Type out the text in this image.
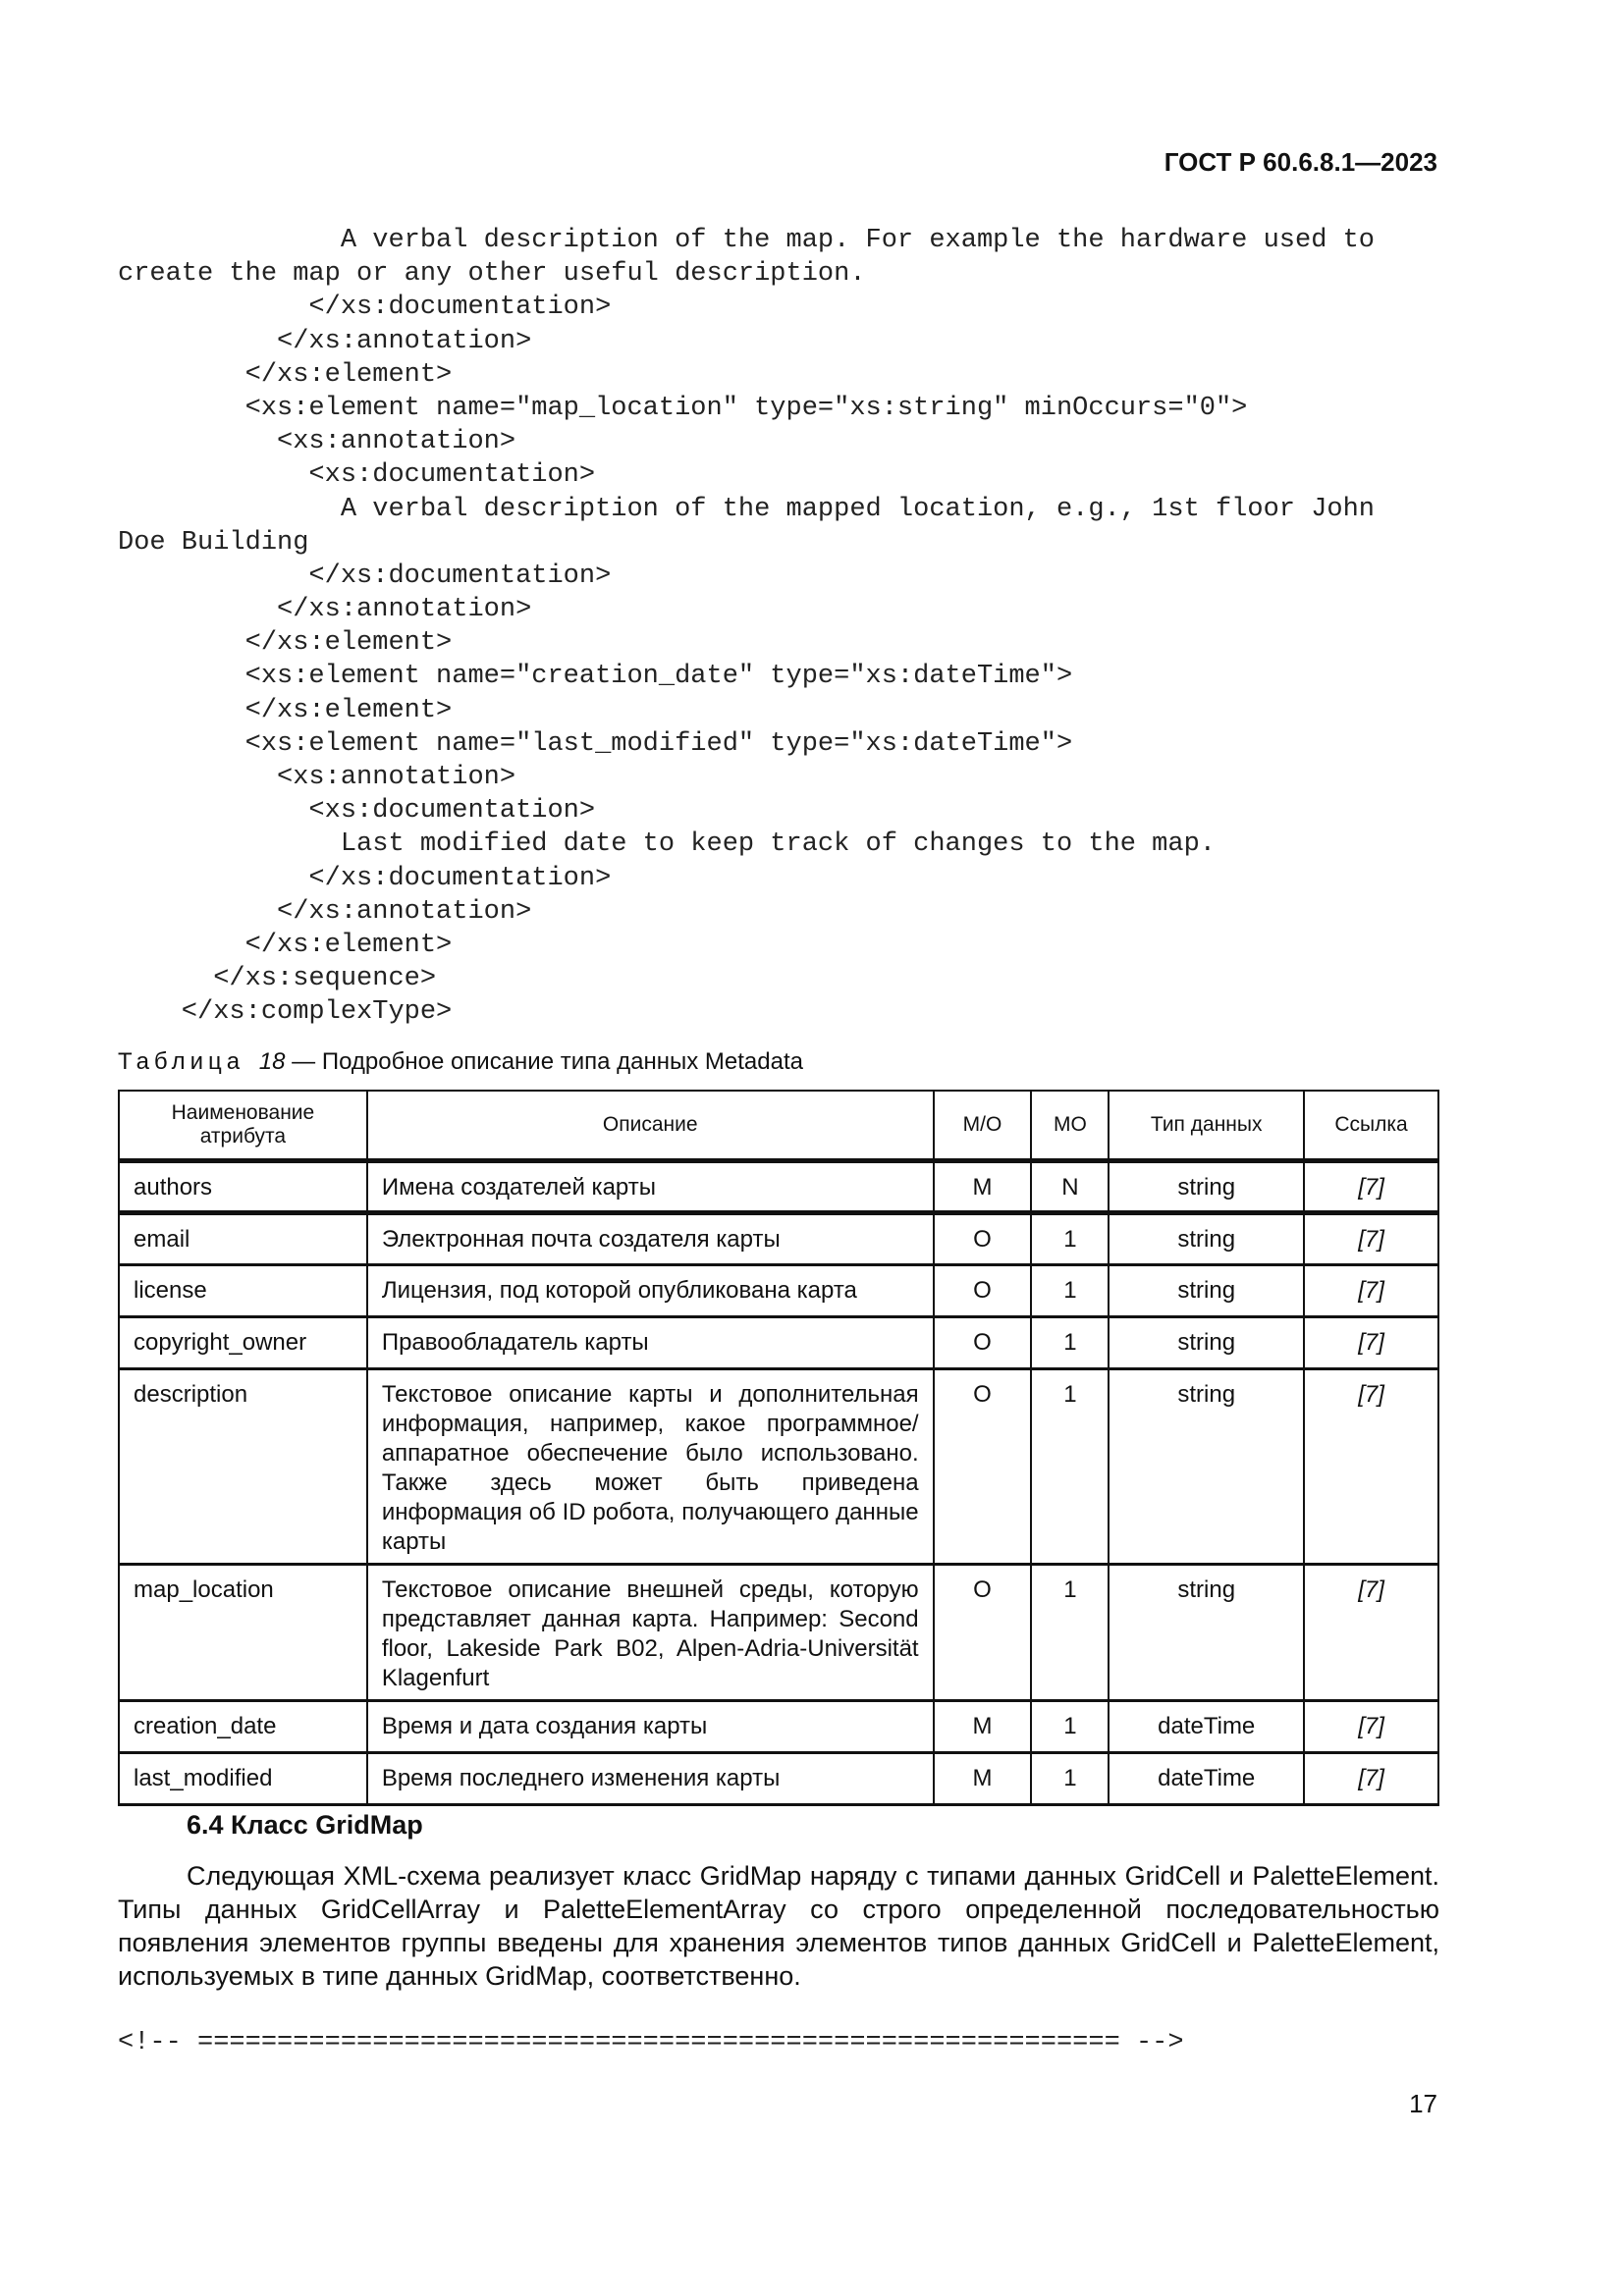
ГОСТ Р 60.6.8.1—2023
A verbal description of the map. For example the hardware used to
create the map or any other useful description.
</xs:documentation>
</xs:annotation>
</xs:element>
<xs:element name="map_location" type="xs:string" minOccurs="0">
<xs:annotation>
<xs:documentation>
A verbal description of the mapped location, e.g., 1st floor John
Doe Building
</xs:documentation>
</xs:annotation>
</xs:element>
<xs:element name="creation_date" type="xs:dateTime">
</xs:element>
<xs:element name="last_modified" type="xs:dateTime">
<xs:annotation>
<xs:documentation>
Last modified date to keep track of changes to the map.
</xs:documentation>
</xs:annotation>
</xs:element>
</xs:sequence>
</xs:complexType>
Таблица 18 — Подробное описание типа данных Metadata
Наименование атрибута	Описание	М/О	МО	Тип данных	Ссылка
authors	Имена создателей карты	M	N	string	[7]
email	Электронная почта создателя карты	O	1	string	[7]
license	Лицензия, под которой опубликована карта	O	1	string	[7]
copyright_owner	Правообладатель карты	O	1	string	[7]
description	Текстовое описание карты и дополнительная информация, например, какое программное/аппаратное обеспечение было использовано. Также здесь может быть приведена информация об ID робота, получающего данные карты	O	1	string	[7]
map_location	Текстовое описание внешней среды, которую представляет данная карта. Например: Second floor, Lakeside Park B02, Alpen-Adria-Universität Klagenfurt	O	1	string	[7]
creation_date	Время и дата создания карты	M	1	dateTime	[7]
last_modified	Время последнего изменения карты	M	1	dateTime	[7]
6.4 Класс GridMap

Следующая XML-схема реализует класс GridMap наряду с типами данных GridCell и PaletteElement. Типы данных GridCellArray и PaletteElementArray со строго определенной последовательностью появления элементов группы введены для хранения элементов типов данных GridCell и PaletteElement, используемых в типе данных GridMap, соответственно.

<!-- ========================================================== -->
17
